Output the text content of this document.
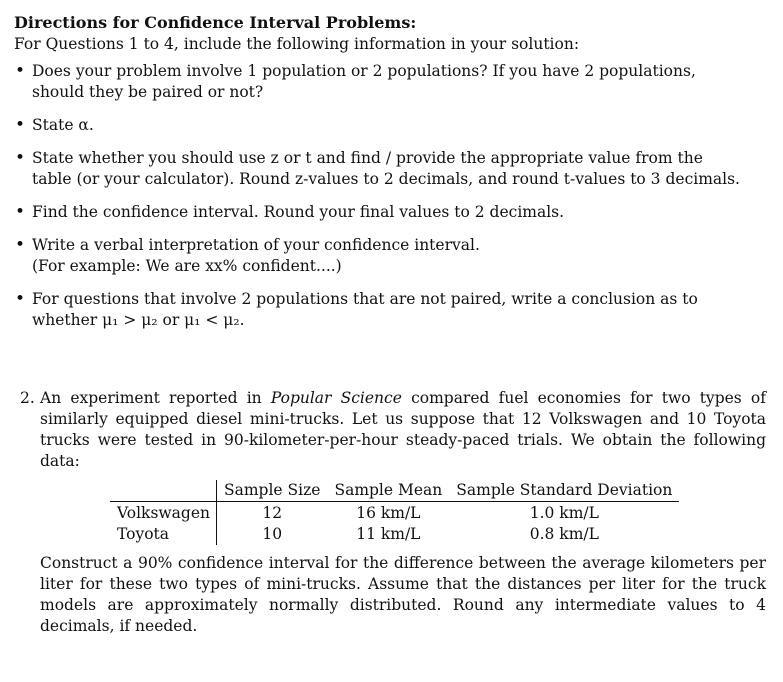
Directions for Confidence Interval Problems:

For Questions 1 to 4, include the following information in your solution:

• Does your problem involve 1 population or 2 populations? If you have 2 populations,
should they be paired or not?
• State α.
• State whether you should use z or t and find / provide the appropriate value from the
table (or your calculator). Round z-values to 2 decimals, and round t-values to 3 decimals.
• Find the confidence interval. Round your final values to 2 decimals.
• Write a verbal interpretation of your confidence interval.
(For example: We are xx% confident....)
• For questions that involve 2 populations that are not paired, write a conclusion as to
whether μ₁ > μ₂ or μ₁ < μ₂.
2. An experiment reported in Popular Science compared fuel economies for two types of similarly equipped diesel mini-trucks. Let us suppose that 12 Volkswagen and 10 Toyota trucks were tested in 90-kilometer-per-hour steady-paced trials. We obtain the following data:

	Sample Size	Sample Mean	Sample Standard Deviation
Volkswagen	12	16 km/L	1.0 km/L
Toyota	10	11 km/L	0.8 km/L

Construct a 90% confidence interval for the difference between the average kilometers per liter for these two types of mini-trucks. Assume that the distances per liter for the truck models are approximately normally distributed. Round any intermediate values to 4 decimals, if needed.
